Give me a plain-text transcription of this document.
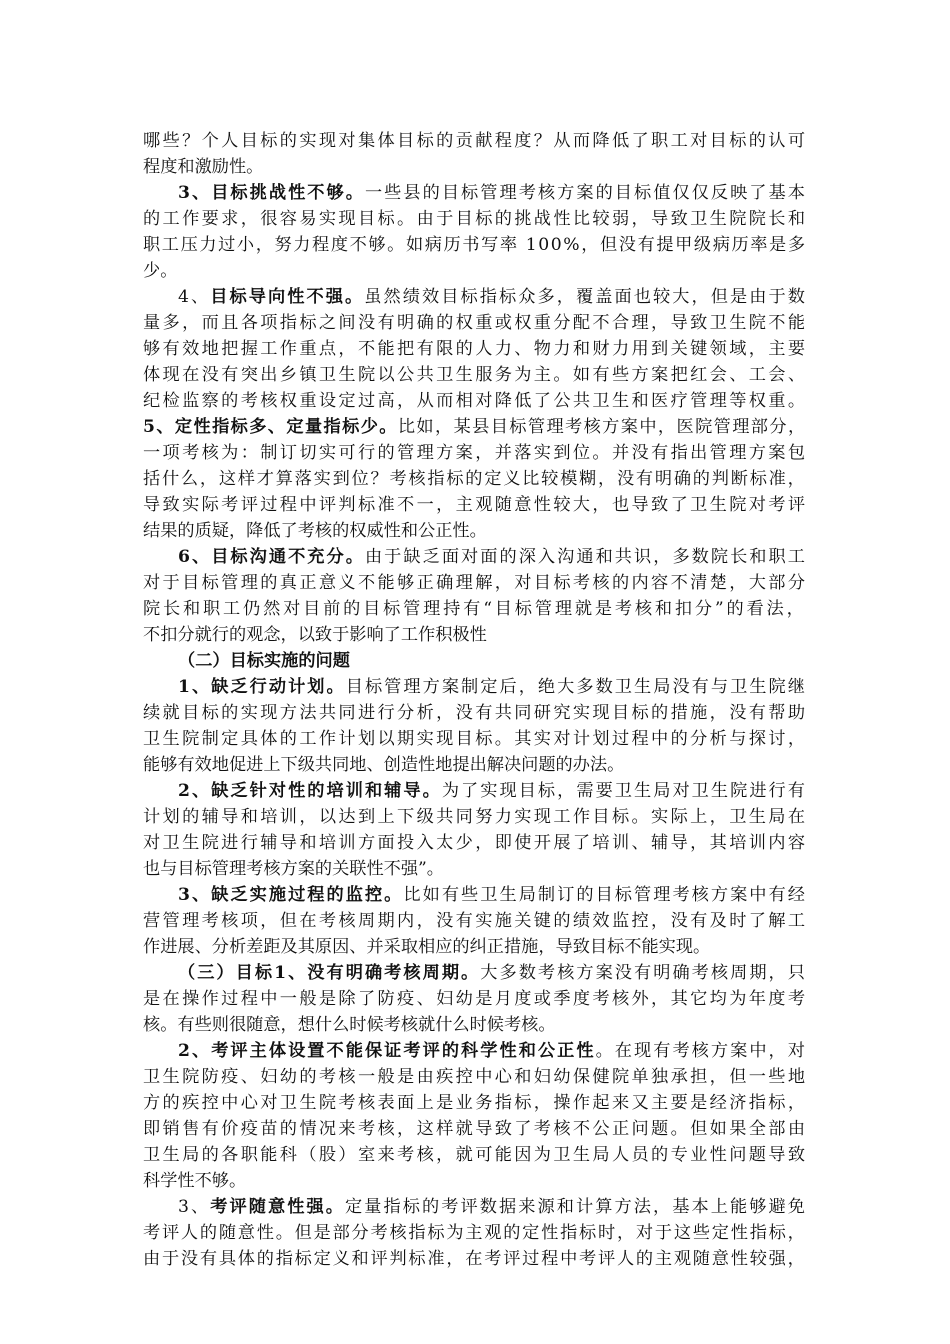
哪些？个人目标的实现对集体目标的贡献程度？从而降低了职工对目标的认可
程度和激励性。
3、目标挑战性不够。一些县的目标管理考核方案的目标值仅仅反映了基本
的工作要求，很容易实现目标。由于目标的挑战性比较弱，导致卫生院院长和
职工压力过小，努力程度不够。如病历书写率 100%，但没有提甲级病历率是多
少。
4、目标导向性不强。虽然绩效目标指标众多，覆盖面也较大，但是由于数
量多，而且各项指标之间没有明确的权重或权重分配不合理，导致卫生院不能
够有效地把握工作重点，不能把有限的人力、物力和财力用到关键领域，主要
体现在没有突出乡镇卫生院以公共卫生服务为主。如有些方案把红会、工会、
纪检监察的考核权重设定过高，从而相对降低了公共卫生和医疗管理等权重。
5、定性指标多、定量指标少。比如，某县目标管理考核方案中，医院管理部分，
一项考核为：制订切实可行的管理方案，并落实到位。并没有指出管理方案包
括什么，这样才算落实到位？考核指标的定义比较模糊，没有明确的判断标准，
导致实际考评过程中评判标准不一，主观随意性较大，也导致了卫生院对考评
结果的质疑，降低了考核的权威性和公正性。
6、目标沟通不充分。由于缺乏面对面的深入沟通和共识，多数院长和职工
对于目标管理的真正意义不能够正确理解，对目标考核的内容不清楚，大部分
院长和职工仍然对目前的目标管理持有“目标管理就是考核和扣分”的看法，
不扣分就行的观念，以致于影响了工作积极性
（二）目标实施的问题
1、缺乏行动计划。目标管理方案制定后，绝大多数卫生局没有与卫生院继
续就目标的实现方法共同进行分析，没有共同研究实现目标的措施，没有帮助
卫生院制定具体的工作计划以期实现目标。其实对计划过程中的分析与探讨，
能够有效地促进上下级共同地、创造性地提出解决问题的办法。
2、缺乏针对性的培训和辅导。为了实现目标，需要卫生局对卫生院进行有
计划的辅导和培训，以达到上下级共同努力实现工作目标。实际上，卫生局在
对卫生院进行辅导和培训方面投入太少，即使开展了培训、辅导，其培训内容
也与目标管理考核方案的关联性不强”。
3、缺乏实施过程的监控。比如有些卫生局制订的目标管理考核方案中有经
营管理考核项，但在考核周期内，没有实施关键的绩效监控，没有及时了解工
作进展、分析差距及其原因、并采取相应的纠正措施，导致目标不能实现。
（三）目标1、没有明确考核周期。大多数考核方案没有明确考核周期，只
是在操作过程中一般是除了防疫、妇幼是月度或季度考核外，其它均为年度考
核。有些则很随意，想什么时候考核就什么时候考核。
2、考评主体设置不能保证考评的科学性和公正性。在现有考核方案中，对
卫生院防疫、妇幼的考核一般是由疾控中心和妇幼保健院单独承担，但一些地
方的疾控中心对卫生院考核表面上是业务指标，操作起来又主要是经济指标，
即销售有价疫苗的情况来考核，这样就导致了考核不公正问题。但如果全部由
卫生局的各职能科（股）室来考核，就可能因为卫生局人员的专业性问题导致
科学性不够。
3、考评随意性强。定量指标的考评数据来源和计算方法，基本上能够避免
考评人的随意性。但是部分考核指标为主观的定性指标时，对于这些定性指标，
由于没有具体的指标定义和评判标准，在考评过程中考评人的主观随意性较强，
